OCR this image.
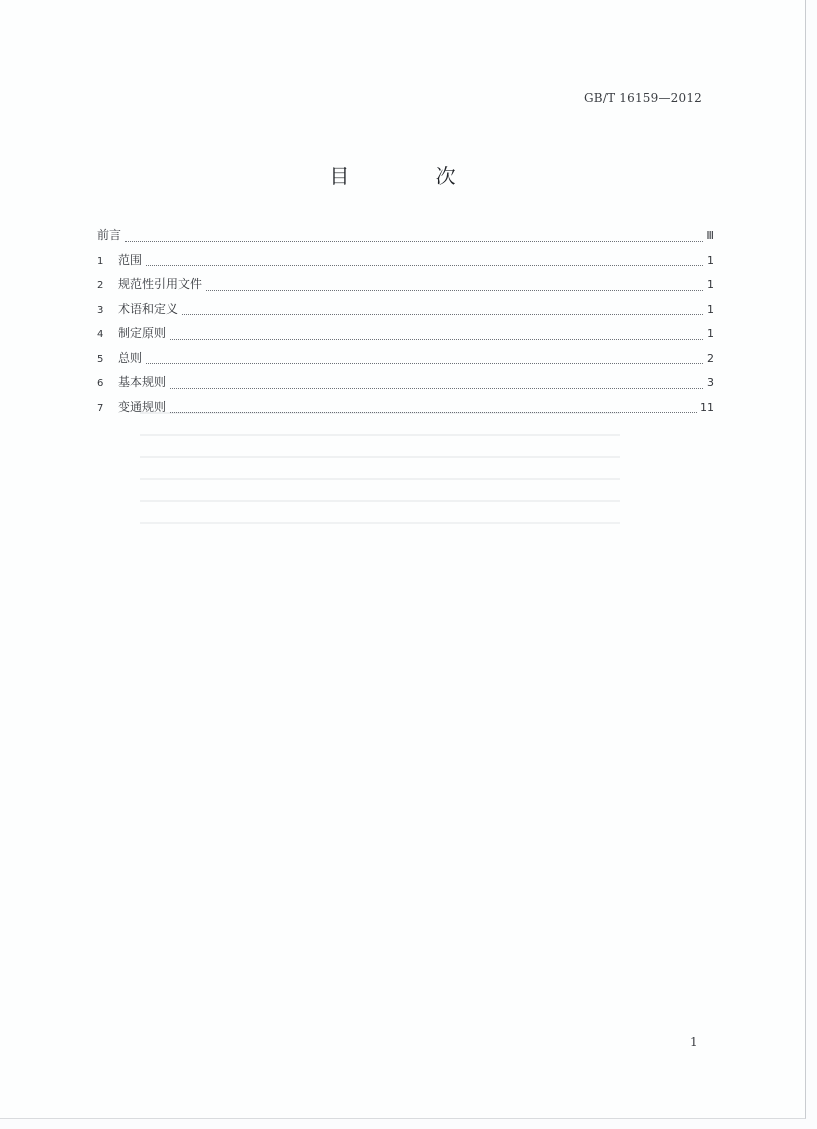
GB/T 16159—2012
目 次
前言	Ⅲ
1	范围	1
2	规范性引用文件	1
3	术语和定义	1
4	制定原则	1
5	总则	2
6	基本规则	3
7	变通规则	11
1
